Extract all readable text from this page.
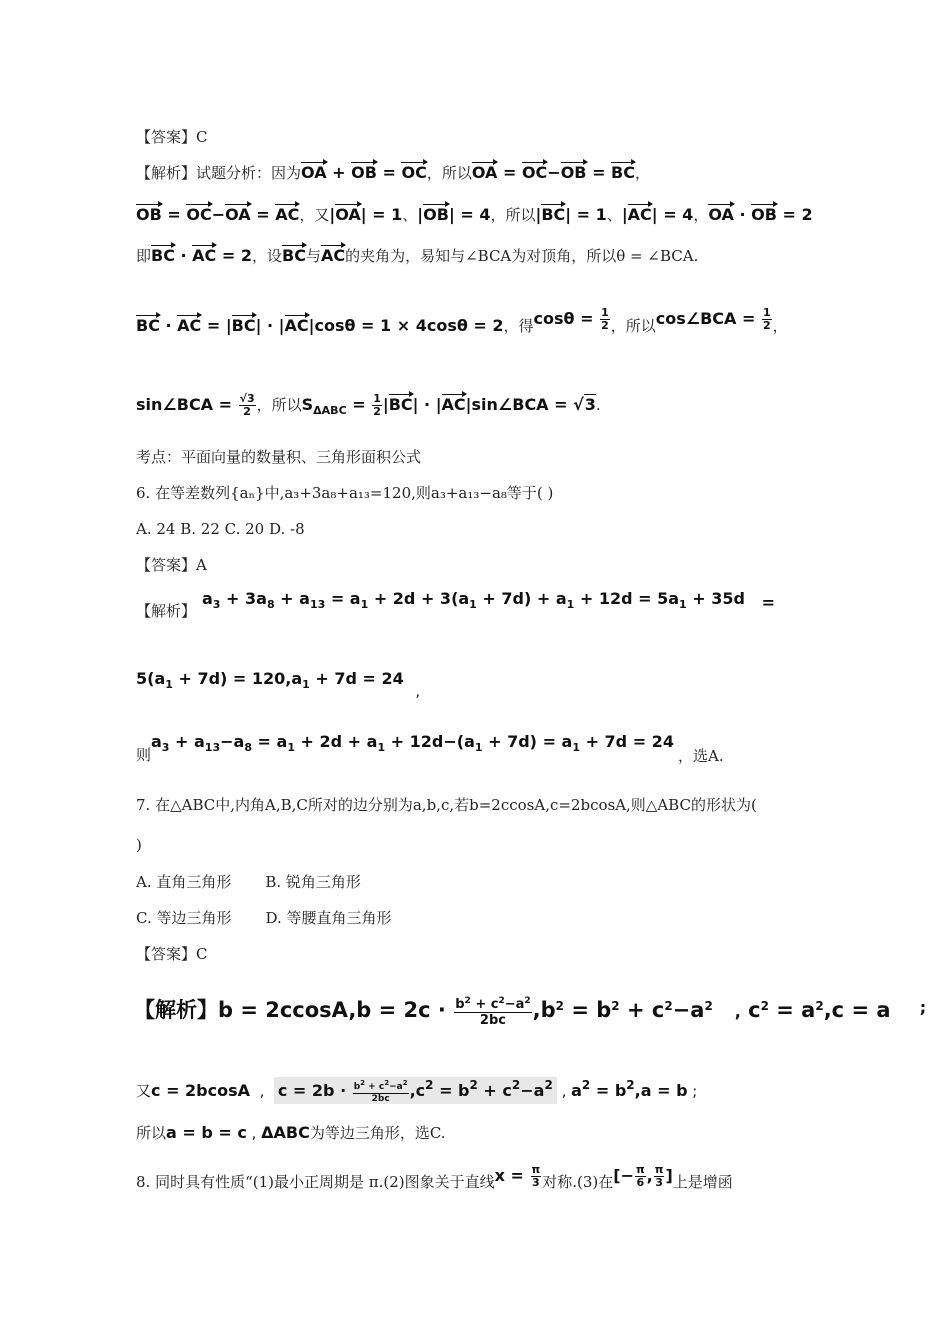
【答案】C
【解析】试题分析：因为OA + OB = OC，所以OA = OC−OB = BC，
OB = OC−OA = AC，又|OA| = 1、|OB| = 4，所以|BC| = 1、|AC| = 4，OA · OB = 2
即BC · AC = 2，设BC与AC的夹角为，易知与∠BCA为对顶角，所以θ = ∠BCA.
BC · AC = |BC| · |AC|cosθ = 1 × 4cosθ = 2，得$\cos\theta = \frac{1}{2}$ ，所以cos∠BCA = $\frac{1}{2}$ ，
sin∠BCA = $\frac{√3}{2}$ ，所以$S_{\Delta ABC} = \frac{1}{2} |BC|$ · |AC|sin∠BCA = √3.
考点：平面向量的数量积、三角形面积公式
6. 在等差数列{aₙ}中,a₃+3a₈+a₁₃=120,则a₃+a₁₃−a₈等于( )
A. 24 B. 22 C. 20 D. -8
【答案】A
【解析】
$a_3 + 3a_8 + a_{13} = a_1 + 2d + 3(a_1 + 7d) + a_1 + 12d = 5a_1 + 35d$   =
$5(a_1 + 7d) = 120,a_1 + 7d = 24$ ,
则
$a_3 + a_{13}-a_8 = a_1 + 2d + a_1 + 12d-(a_1 + 7d) = a_1 + 7d = 24$
，选A.
7. 在△ABC中,内角A,B,C所对的边分别为a,b,c,若b=2ccosA,c=2bcosA,则△ABC的形状为(
)
A. 直角三角形 B. 锐角三角形
C. 等边三角形 D. 等腰直角三角形
【答案】C
【解析】$b = 2ccosA,b = 2c \cdot \frac{b^2 + c^2-a^2}{2bc} ,b^2 = b^2 + c^2-a^2$ , $c^2 = a^2,c = a$    ;
又c = 2bcosA  ,  $c = 2b \cdot \frac{b^2 + c^2-a^2}{2bc} ,c^2 = b^2 + c^2-a^2$ , $a^2 = b^2,a = b$ ;
所以a = b = c , ΔABC为等边三角形，选C.
8. 同时具有性质“(1)最小正周期是 π.(2)图象关于直线$x = \frac{\pi}{3}$ 对称.(3)在[− $\frac{\pi}{6}$ , $\frac{\pi}{3}$ ]上是增函
